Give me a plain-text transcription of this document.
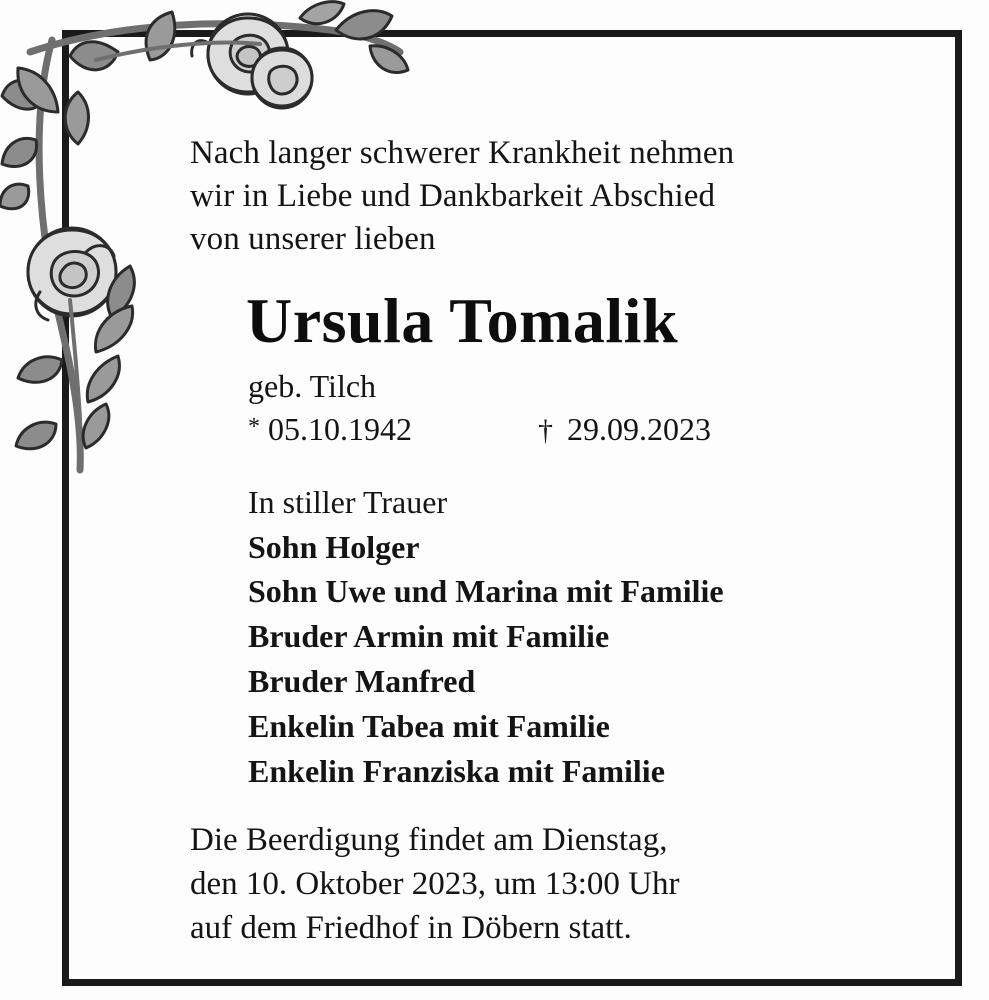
Nach langer schwerer Krankheit nehmen
wir in Liebe und Dankbarkeit Abschied
von unserer lieben
Ursula Tomalik
geb. Tilch
* 05.10.1942	† 29.09.2023
In stiller Trauer
Sohn Holger
Sohn Uwe und Marina mit Familie
Bruder Armin mit Familie
Bruder Manfred
Enkelin Tabea mit Familie
Enkelin Franziska mit Familie
Die Beerdigung findet am Dienstag,
den 10. Oktober 2023, um 13:00 Uhr
auf dem Friedhof in Döbern statt.
